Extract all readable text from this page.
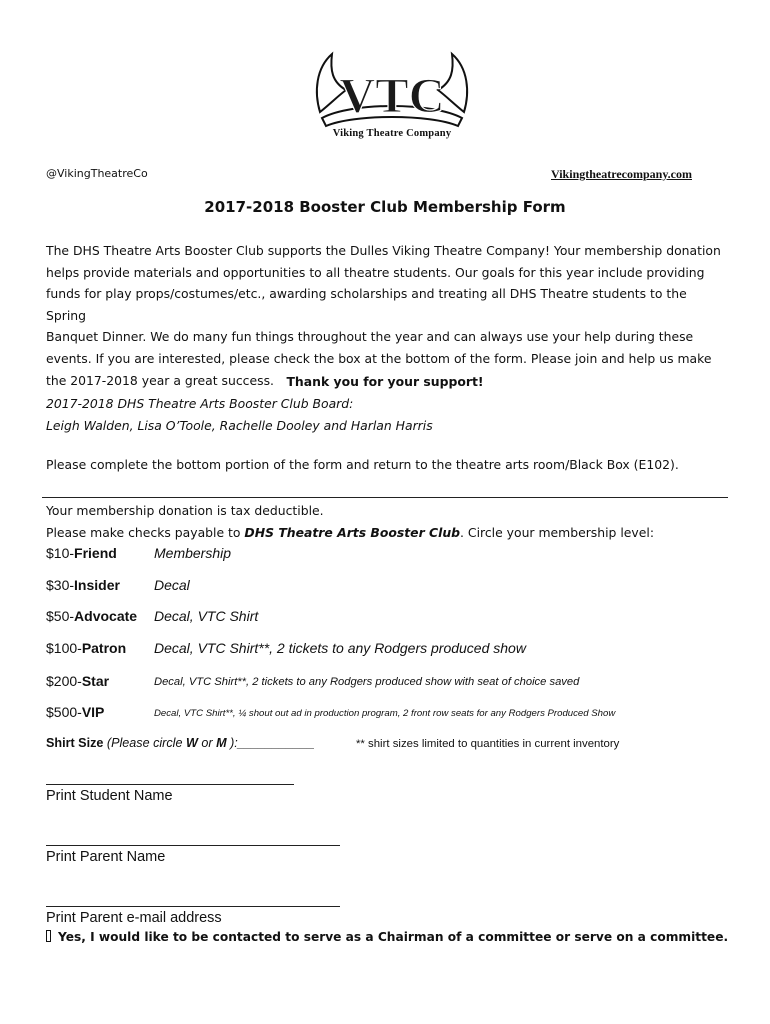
VTC
Viking Theatre Company
@VikingTheatreCo	Vikingtheatrecompany.com
2017-2018 Booster Club Membership Form

The DHS Theatre Arts Booster Club supports the Dulles Viking Theatre Company! Your membership donation
helps provide materials and opportunities to all theatre students. Our goals for this year include providing
funds for play props/costumes/etc., awarding scholarships and treating all DHS Theatre students to the Spring
Banquet Dinner. We do many fun things throughout the year and can always use your help during these
events. If you are interested, please check the box at the bottom of the form. Please join and help us make
the 2017-2018 year a great success.	Thank you for your support!
2017-2018 DHS Theatre Arts Booster Club Board:
Leigh Walden, Lisa O’Toole, Rachelle Dooley and Harlan Harris
Please complete the bottom portion of the form and return to the theatre arts room/Black Box (E102).
Your membership donation is tax deductible.
Please make checks payable to DHS Theatre Arts Booster Club. Circle your membership level:
$10-Friend	Membership
$30-Insider Decal
$50-Advocate Decal, VTC Shirt
$100-Patron Decal, VTC Shirt**, 2 tickets to any Rodgers produced show
$200-Star	Decal, VTC Shirt**, 2 tickets to any Rodgers produced show with seat of choice saved
$500-VIP	Decal, VTC Shirt**, ¼ shout out ad in production program, 2 front row seats for any Rodgers Produced Show
Shirt Size (Please circle W or M ):___________	** shirt sizes limited to quantities in current inventory
Print Student Name
Print Parent Name
Print Parent e-mail address
Yes, I would like to be contacted to serve as a Chairman of a committee or serve on a committee.
